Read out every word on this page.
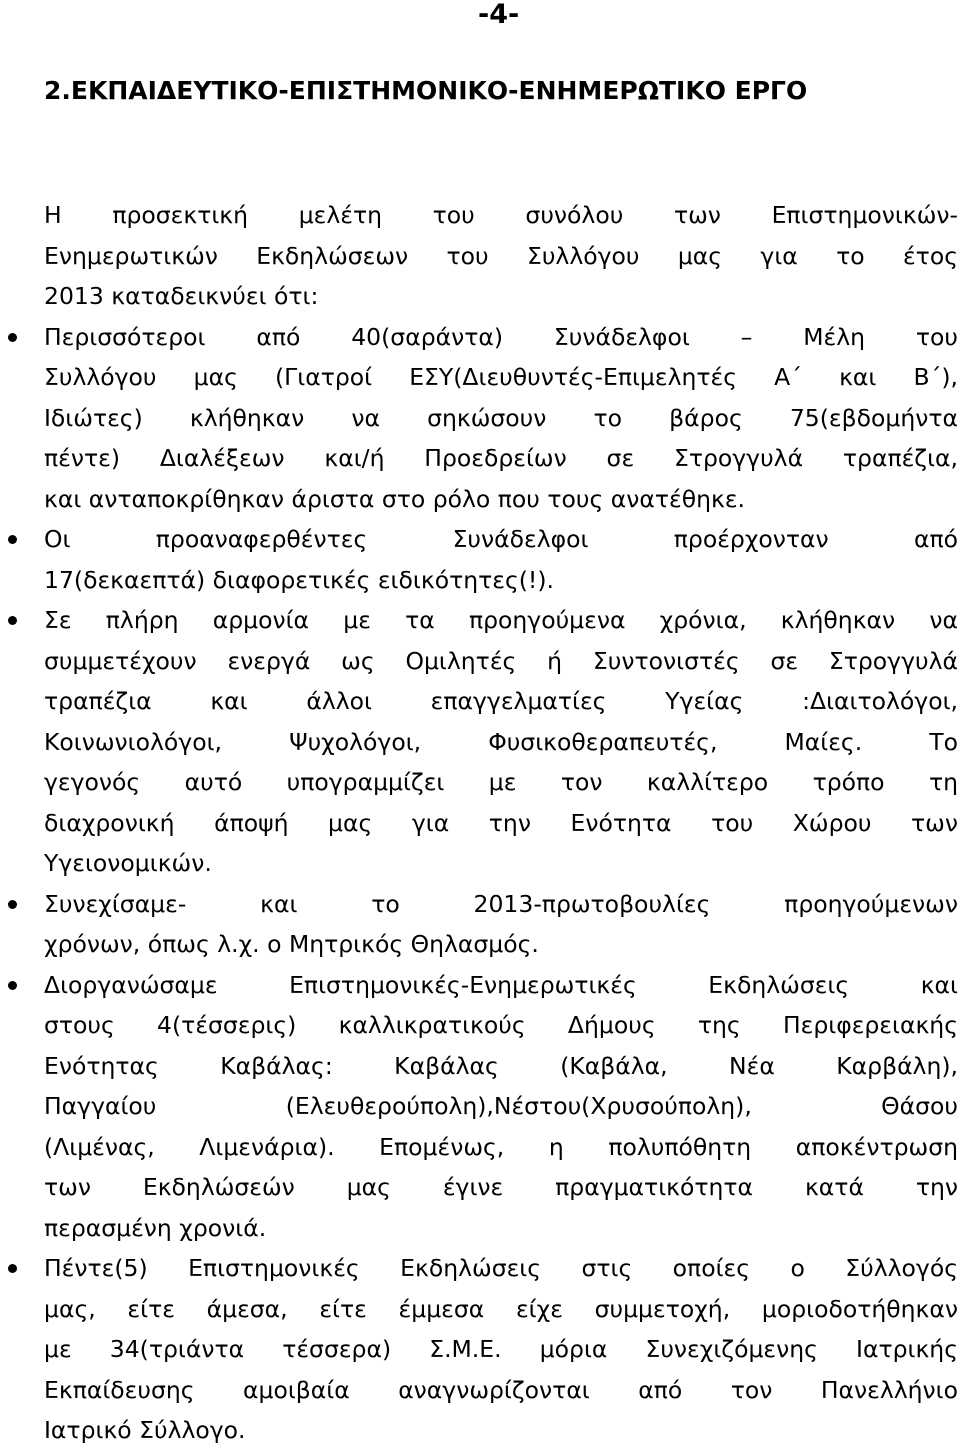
-4-
2.ΕΚΠΑΙΔΕΥΤΙΚΟ-ΕΠΙΣΤΗΜΟΝΙΚΟ-ΕΝΗΜΕΡΩΤΙΚΟ ΕΡΓΟ
Η προσεκτική μελέτη του συνόλου των Επιστημονικών-
Ενημερωτικών Εκδηλώσεων του Συλλόγου μας για το έτος
2013 καταδεικνύει ότι:
Περισσότεροι από 40(σαράντα) Συνάδελφοι – Μέλη του
Συλλόγου μας (Γιατροί ΕΣΥ(Διευθυντές-Επιμελητές Α΄ και Β΄),
Ιδιώτες) κλήθηκαν να σηκώσουν το βάρος 75(εβδομήντα
πέντε) Διαλέξεων και/ή Προεδρείων σε Στρογγυλά τραπέζια,
και ανταποκρίθηκαν άριστα στο ρόλο που τους ανατέθηκε.
Οι προαναφερθέντες Συνάδελφοι προέρχονταν από
17(δεκαεπτά) διαφορετικές ειδικότητες(!).
Σε πλήρη αρμονία με τα προηγούμενα χρόνια, κλήθηκαν να
συμμετέχουν ενεργά ως Ομιλητές ή Συντονιστές σε Στρογγυλά
τραπέζια και άλλοι επαγγελματίες Υγείας :Διαιτολόγοι,
Κοινωνιολόγοι, Ψυχολόγοι, Φυσικοθεραπευτές, Μαίες. Το
γεγονός αυτό υπογραμμίζει με τον καλλίτερο τρόπο τη
διαχρονική άποψή μας για την Ενότητα του Χώρου των
Υγειονομικών.
Συνεχίσαμε- και το 2013-πρωτοβουλίες προηγούμενων
χρόνων, όπως λ.χ. ο Μητρικός Θηλασμός.
Διοργανώσαμε Επιστημονικές-Ενημερωτικές Εκδηλώσεις και
στους 4(τέσσερις) καλλικρατικούς Δήμους της Περιφερειακής
Ενότητας Καβάλας: Καβάλας (Καβάλα, Νέα Καρβάλη),
Παγγαίου (Ελευθερούπολη),Νέστου(Χρυσούπολη), Θάσου
(Λιμένας, Λιμενάρια). Επομένως, η πολυπόθητη αποκέντρωση
των Εκδηλώσεών μας έγινε πραγματικότητα κατά την
περασμένη χρονιά.
Πέντε(5) Επιστημονικές Εκδηλώσεις στις οποίες ο Σύλλογός
μας, είτε άμεσα, είτε έμμεσα είχε συμμετοχή, μοριοδοτήθηκαν
με 34(τριάντα τέσσερα) Σ.Μ.Ε. μόρια Συνεχιζόμενης Ιατρικής
Εκπαίδευσης αμοιβαία αναγνωρίζονται από τον Πανελλήνιο
Ιατρικό Σύλλογο.
